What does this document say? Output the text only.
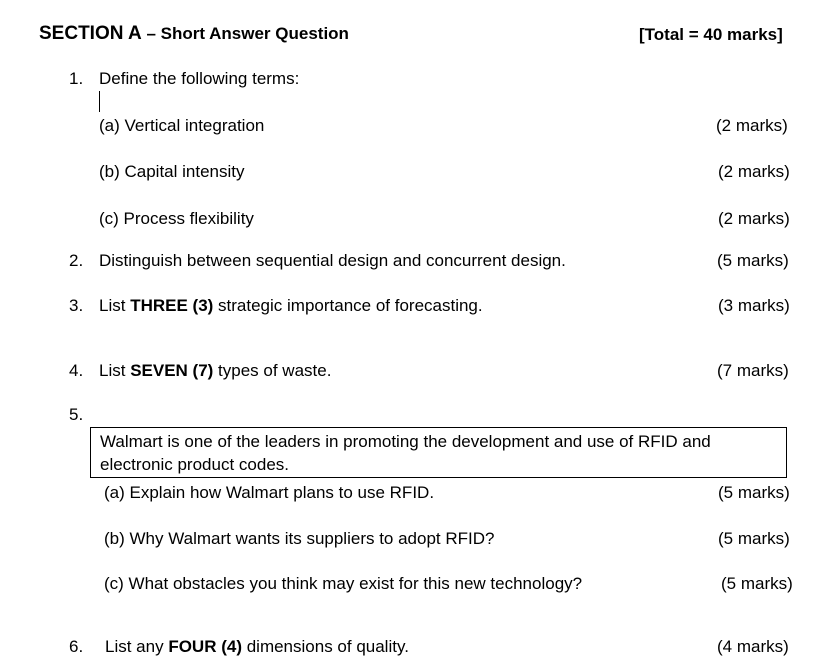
SECTION A – Short Answer Question	[Total = 40 marks]
1. Define the following terms:
(a) Vertical integration	(2 marks)
(b) Capital intensity	(2 marks)
(c) Process flexibility	(2 marks)
2. Distinguish between sequential design and concurrent design.	(5 marks)
3. List THREE (3) strategic importance of forecasting.	(3 marks)
4. List SEVEN (7) types of waste.	(7 marks)
5.
Walmart is one of the leaders in promoting the development and use of RFID and electronic product codes.
(a) Explain how Walmart plans to use RFID.	(5 marks)
(b) Why Walmart wants its suppliers to adopt RFID?	(5 marks)
(c) What obstacles you think may exist for this new technology?	(5 marks)
6. List any FOUR (4) dimensions of quality.	(4 marks)
